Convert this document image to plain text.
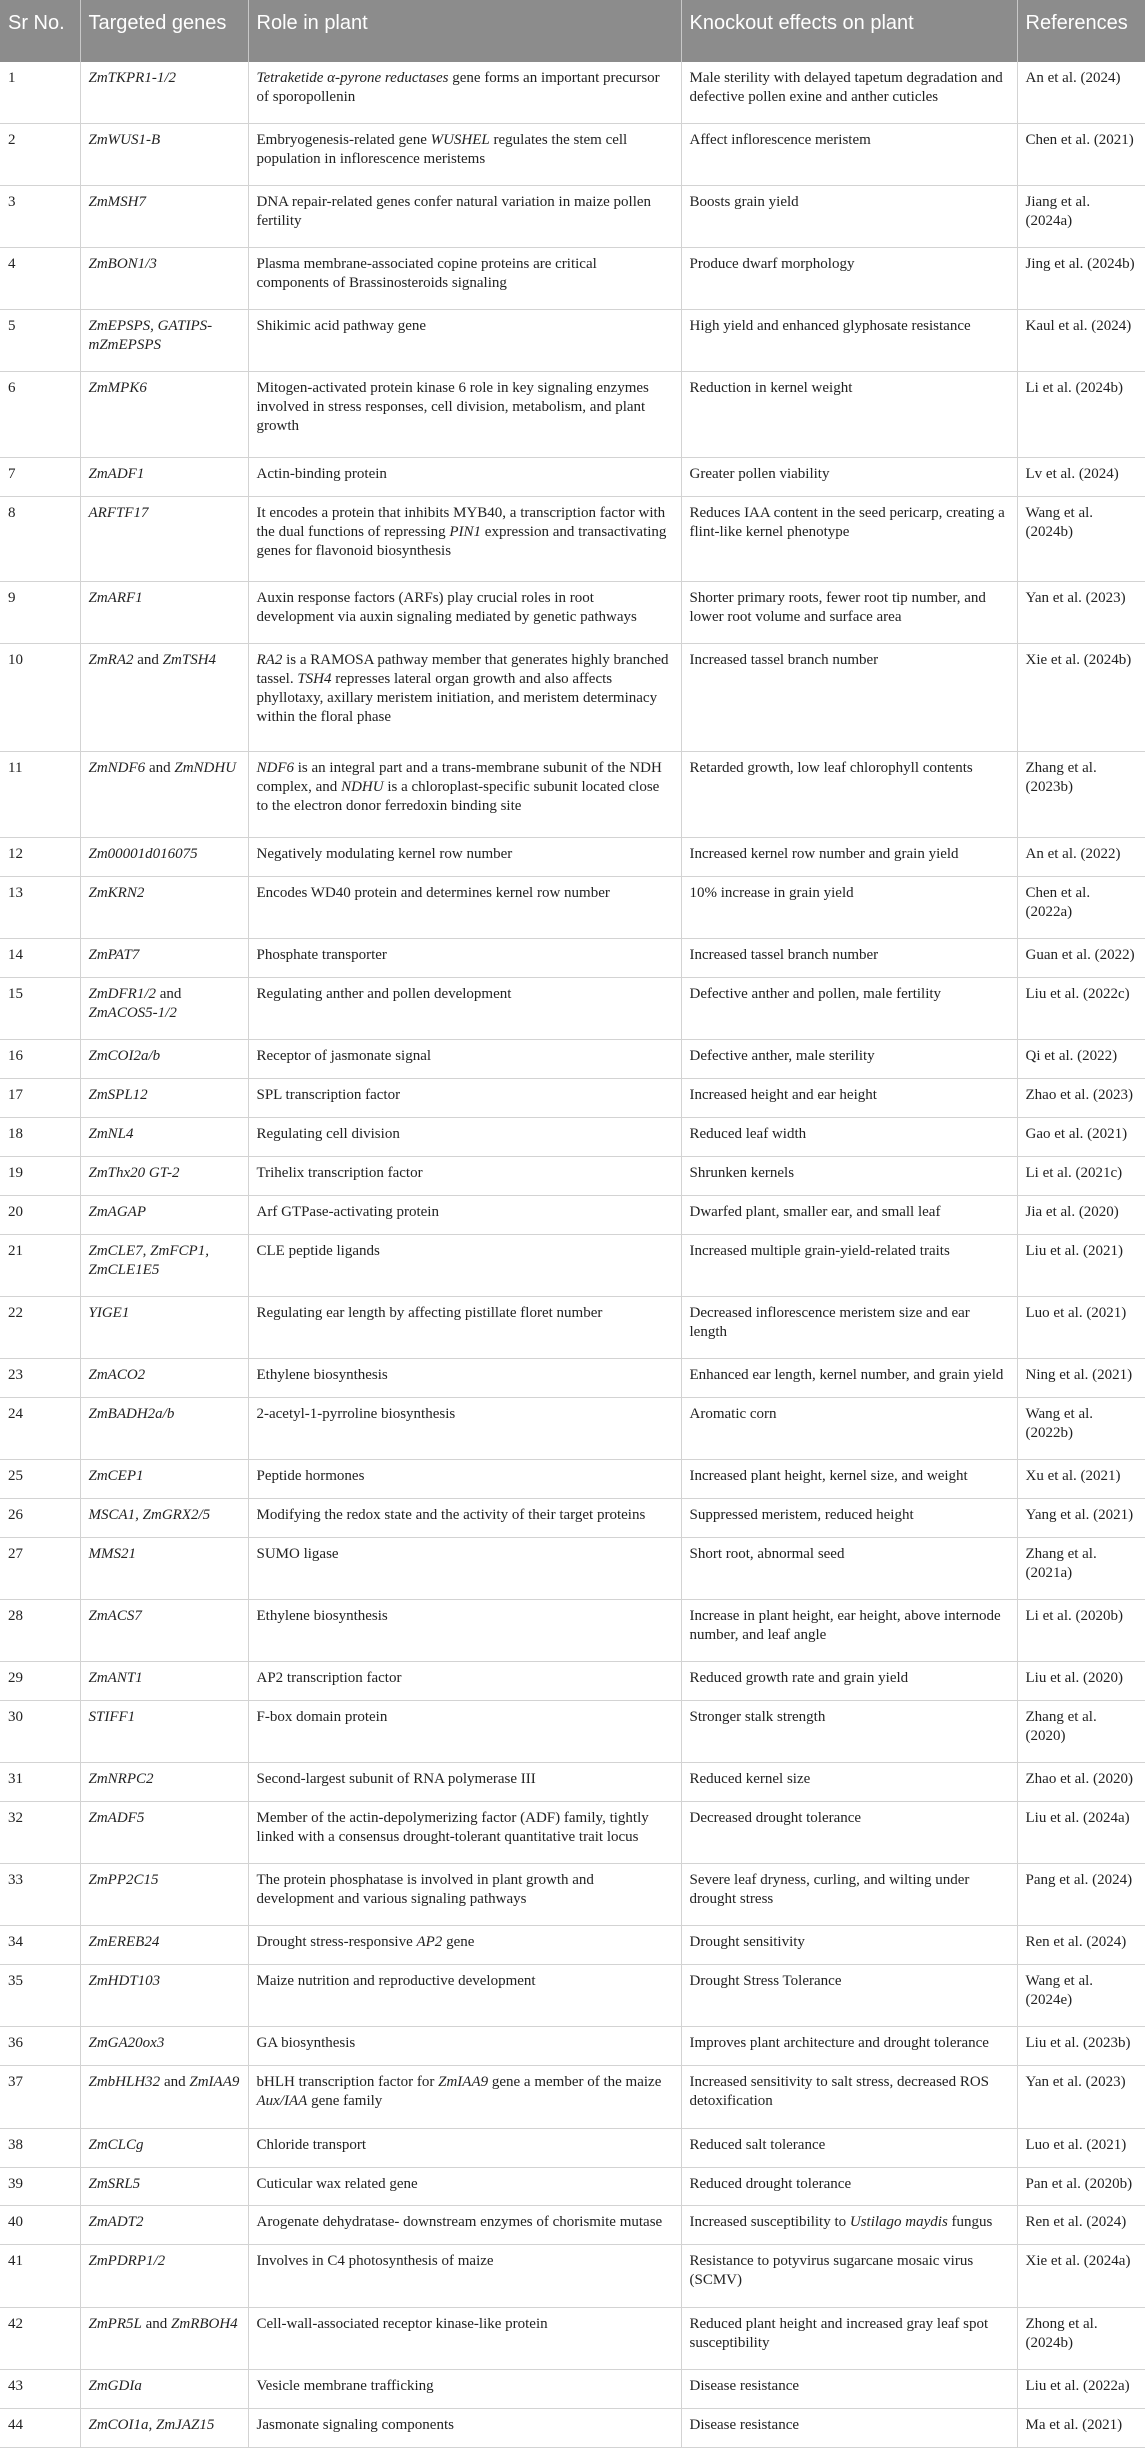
Sr No.	Targeted genes	Role in plant	Knockout effects on plant	References
1	ZmTKPR1-1/2	Tetraketide α-pyrone reductases gene forms an important precursor of sporopollenin	Male sterility with delayed tapetum degradation and defective pollen exine and anther cuticles	An et al. (2024)
2	ZmWUS1-B	Embryogenesis-related gene WUSHEL regulates the stem cell population in inflorescence meristems	Affect inflorescence meristem	Chen et al. (2021)
3	ZmMSH7	DNA repair-related genes confer natural variation in maize pollen fertility	Boosts grain yield	Jiang et al. (2024a)
4	ZmBON1/3	Plasma membrane-associated copine proteins are critical components of Brassinosteroids signaling	Produce dwarf morphology	Jing et al. (2024b)
5	ZmEPSPS, GATIPS-mZmEPSPS	Shikimic acid pathway gene	High yield and enhanced glyphosate resistance	Kaul et al. (2024)
6	ZmMPK6	Mitogen-activated protein kinase 6 role in key signaling enzymes involved in stress responses, cell division, metabolism, and plant growth	Reduction in kernel weight	Li et al. (2024b)
7	ZmADF1	Actin-binding protein	Greater pollen viability	Lv et al. (2024)
8	ARFTF17	It encodes a protein that inhibits MYB40, a transcription factor with the dual functions of repressing PIN1 expression and transactivating genes for flavonoid biosynthesis	Reduces IAA content in the seed pericarp, creating a flint-like kernel phenotype	Wang et al. (2024b)
9	ZmARF1	Auxin response factors (ARFs) play crucial roles in root development via auxin signaling mediated by genetic pathways	Shorter primary roots, fewer root tip number, and lower root volume and surface area	Yan et al. (2023)
10	ZmRA2 and ZmTSH4	RA2 is a RAMOSA pathway member that generates highly branched tassel. TSH4 represses lateral organ growth and also affects phyllotaxy, axillary meristem initiation, and meristem determinacy within the floral phase	Increased tassel branch number	Xie et al. (2024b)
11	ZmNDF6 and ZmNDHU	NDF6 is an integral part and a trans-membrane subunit of the NDH complex, and NDHU is a chloroplast-specific subunit located close to the electron donor ferredoxin binding site	Retarded growth, low leaf chlorophyll contents	Zhang et al. (2023b)
12	Zm00001d016075	Negatively modulating kernel row number	Increased kernel row number and grain yield	An et al. (2022)
13	ZmKRN2	Encodes WD40 protein and determines kernel row number	10% increase in grain yield	Chen et al. (2022a)
14	ZmPAT7	Phosphate transporter	Increased tassel branch number	Guan et al. (2022)
15	ZmDFR1/2 and ZmACOS5-1/2	Regulating anther and pollen development	Defective anther and pollen, male fertility	Liu et al. (2022c)
16	ZmCOI2a/b	Receptor of jasmonate signal	Defective anther, male sterility	Qi et al. (2022)
17	ZmSPL12	SPL transcription factor	Increased height and ear height	Zhao et al. (2023)
18	ZmNL4	Regulating cell division	Reduced leaf width	Gao et al. (2021)
19	ZmThx20 GT-2	Trihelix transcription factor	Shrunken kernels	Li et al. (2021c)
20	ZmAGAP	Arf GTPase-activating protein	Dwarfed plant, smaller ear, and small leaf	Jia et al. (2020)
21	ZmCLE7, ZmFCP1, ZmCLE1E5	CLE peptide ligands	Increased multiple grain-yield-related traits	Liu et al. (2021)
22	YIGE1	Regulating ear length by affecting pistillate floret number	Decreased inflorescence meristem size and ear length	Luo et al. (2021)
23	ZmACO2	Ethylene biosynthesis	Enhanced ear length, kernel number, and grain yield	Ning et al. (2021)
24	ZmBADH2a/b	2-acetyl-1-pyrroline biosynthesis	Aromatic corn	Wang et al. (2022b)
25	ZmCEP1	Peptide hormones	Increased plant height, kernel size, and weight	Xu et al. (2021)
26	MSCA1, ZmGRX2/5	Modifying the redox state and the activity of their target proteins	Suppressed meristem, reduced height	Yang et al. (2021)
27	MMS21	SUMO ligase	Short root, abnormal seed	Zhang et al. (2021a)
28	ZmACS7	Ethylene biosynthesis	Increase in plant height, ear height, above internode number, and leaf angle	Li et al. (2020b)
29	ZmANT1	AP2 transcription factor	Reduced growth rate and grain yield	Liu et al. (2020)
30	STIFF1	F-box domain protein	Stronger stalk strength	Zhang et al. (2020)
31	ZmNRPC2	Second-largest subunit of RNA polymerase III	Reduced kernel size	Zhao et al. (2020)
32	ZmADF5	Member of the actin-depolymerizing factor (ADF) family, tightly linked with a consensus drought-tolerant quantitative trait locus	Decreased drought tolerance	Liu et al. (2024a)
33	ZmPP2C15	The protein phosphatase is involved in plant growth and development and various signaling pathways	Severe leaf dryness, curling, and wilting under drought stress	Pang et al. (2024)
34	ZmEREB24	Drought stress-responsive AP2 gene	Drought sensitivity	Ren et al. (2024)
35	ZmHDT103	Maize nutrition and reproductive development	Drought Stress Tolerance	Wang et al. (2024e)
36	ZmGA20ox3	GA biosynthesis	Improves plant architecture and drought tolerance	Liu et al. (2023b)
37	ZmbHLH32 and ZmIAA9	bHLH transcription factor for ZmIAA9 gene a member of the maize Aux/IAA gene family	Increased sensitivity to salt stress, decreased ROS detoxification	Yan et al. (2023)
38	ZmCLCg	Chloride transport	Reduced salt tolerance	Luo et al. (2021)
39	ZmSRL5	Cuticular wax related gene	Reduced drought tolerance	Pan et al. (2020b)
40	ZmADT2	Arogenate dehydratase- downstream enzymes of chorismite mutase	Increased susceptibility to Ustilago maydis fungus	Ren et al. (2024)
41	ZmPDRP1/2	Involves in C4 photosynthesis of maize	Resistance to potyvirus sugarcane mosaic virus (SCMV)	Xie et al. (2024a)
42	ZmPR5L and ZmRBOH4	Cell-wall-associated receptor kinase-like protein	Reduced plant height and increased gray leaf spot susceptibility	Zhong et al. (2024b)
43	ZmGDIa	Vesicle membrane trafficking	Disease resistance	Liu et al. (2022a)
44	ZmCOI1a, ZmJAZ15	Jasmonate signaling components	Disease resistance	Ma et al. (2021)
